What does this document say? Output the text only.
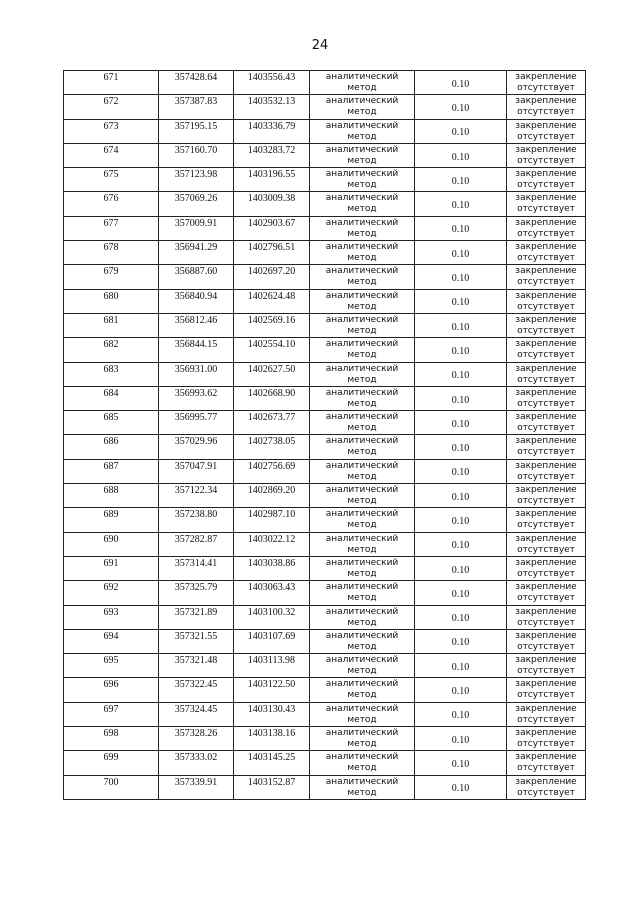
24
671	357428.64	1403556.43	аналитический
метод	0.10	закрепление
отсутствует

672	357387.83	1403532.13	аналитический
метод	0.10	закрепление
отсутствует

673	357195.15	1403336.79	аналитический
метод	0.10	закрепление
отсутствует

674	357160.70	1403283.72	аналитический
метод	0.10	закрепление
отсутствует

675	357123.98	1403196.55	аналитический
метод	0.10	закрепление
отсутствует

676	357069.26	1403009.38	аналитический
метод	0.10	закрепление
отсутствует

677	357009.91	1402903.67	аналитический
метод	0.10	закрепление
отсутствует

678	356941.29	1402796.51	аналитический
метод	0.10	закрепление
отсутствует

679	356887.60	1402697.20	аналитический
метод	0.10	закрепление
отсутствует

680	356840.94	1402624.48	аналитический
метод	0.10	закрепление
отсутствует

681	356812.46	1402569.16	аналитический
метод	0.10	закрепление
отсутствует

682	356844.15	1402554.10	аналитический
метод	0.10	закрепление
отсутствует

683	356931.00	1402627.50	аналитический
метод	0.10	закрепление
отсутствует

684	356993.62	1402668.90	аналитический
метод	0.10	закрепление
отсутствует

685	356995.77	1402673.77	аналитический
метод	0.10	закрепление
отсутствует

686	357029.96	1402738.05	аналитический
метод	0.10	закрепление
отсутствует

687	357047.91	1402756.69	аналитический
метод	0.10	закрепление
отсутствует

688	357122.34	1402869.20	аналитический
метод	0.10	закрепление
отсутствует

689	357238.80	1402987.10	аналитический
метод	0.10	закрепление
отсутствует

690	357282.87	1403022.12	аналитический
метод	0.10	закрепление
отсутствует

691	357314.41	1403038.86	аналитический
метод	0.10	закрепление
отсутствует

692	357325.79	1403063.43	аналитический
метод	0.10	закрепление
отсутствует

693	357321.89	1403100.32	аналитический
метод	0.10	закрепление
отсутствует

694	357321.55	1403107.69	аналитический
метод	0.10	закрепление
отсутствует

695	357321.48	1403113.98	аналитический
метод	0.10	закрепление
отсутствует

696	357322.45	1403122.50	аналитический
метод	0.10	закрепление
отсутствует

697	357324.45	1403130.43	аналитический
метод	0.10	закрепление
отсутствует

698	357328.26	1403138.16	аналитический
метод	0.10	закрепление
отсутствует

699	357333.02	1403145.25	аналитический
метод	0.10	закрепление
отсутствует

700	357339.91	1403152.87	аналитический
метод	0.10	закрепление
отсутствует
